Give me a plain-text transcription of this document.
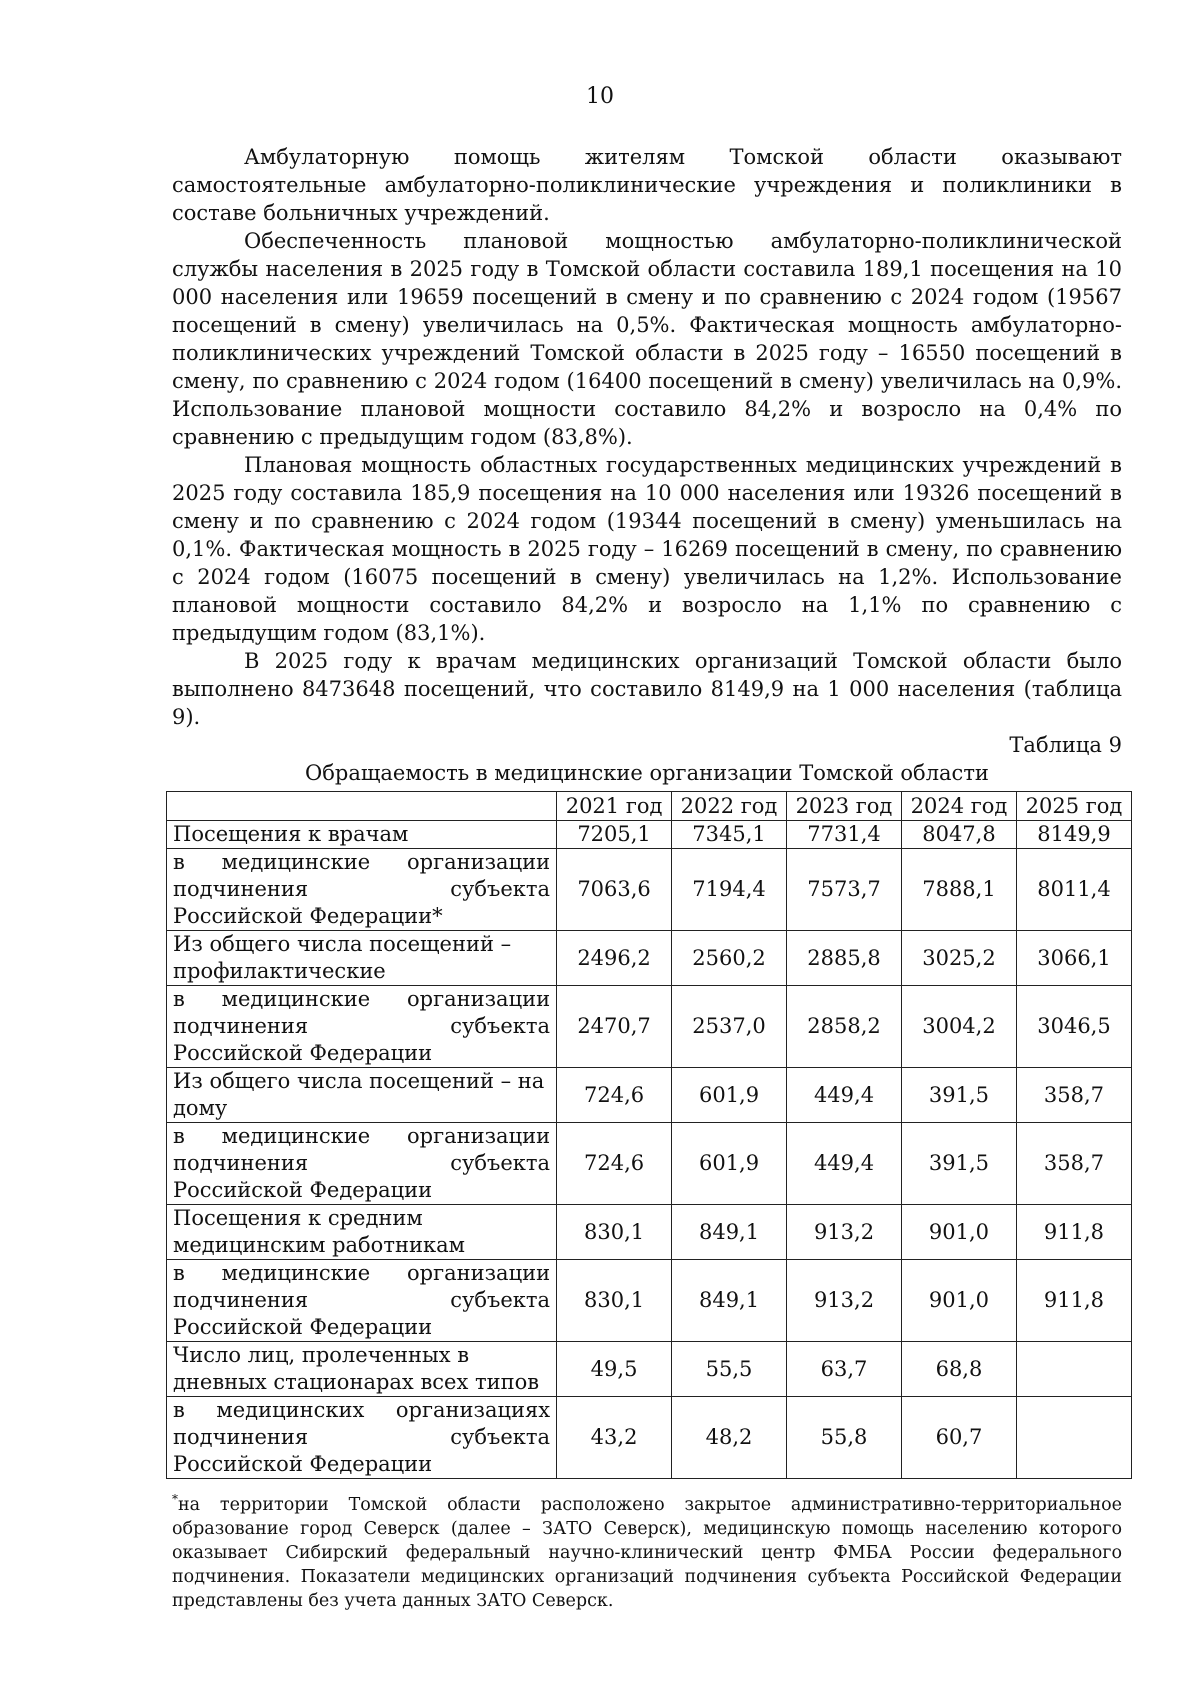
10

Амбулаторную помощь жителям Томской области оказывают самостоятельные амбулаторно-поликлинические учреждения и поликлиники в составе больничных учреждений.

Обеспеченность плановой мощностью амбулаторно-поликлинической службы населения в 2025 году в Томской области составила 189,1 посещения на 10 000 населения или 19659 посещений в смену и по сравнению с 2024 годом (19567 посещений в смену) увеличилась на 0,5%. Фактическая мощность амбулаторно-поликлинических учреждений Томской области в 2025 году – 16550 посещений в смену, по сравнению с 2024 годом (16400 посещений в смену) увеличилась на 0,9%. Использование плановой мощности составило 84,2% и возросло на 0,4% по сравнению с предыдущим годом (83,8%).

Плановая мощность областных государственных медицинских учреждений в 2025 году составила 185,9 посещения на 10 000 населения или 19326 посещений в смену и по сравнению с 2024 годом (19344 посещений в смену) уменьшилась на 0,1%. Фактическая мощность в 2025 году – 16269 посещений в смену, по сравнению с 2024 годом (16075 посещений в смену) увеличилась на 1,2%. Использование плановой мощности составило 84,2% и возросло на 1,1% по сравнению с предыдущим годом (83,1%).

В 2025 году к врачам медицинских организаций Томской области было выполнено 8473648 посещений, что составило 8149,9 на 1 000 населения (таблица 9).

Таблица 9

Обращаемость в медицинские организации Томской области

	2021 год	2022 год	2023 год	2024 год	2025 год
Посещения к врачам	7205,1	7345,1	7731,4	8047,8	8149,9
в медицинские организации подчинения субъекта Российской Федерации*	7063,6	7194,4	7573,7	7888,1	8011,4
Из общего числа посещений – профилактические	2496,2	2560,2	2885,8	3025,2	3066,1
в медицинские организации подчинения субъекта Российской Федерации	2470,7	2537,0	2858,2	3004,2	3046,5
Из общего числа посещений – на дому	724,6	601,9	449,4	391,5	358,7
в медицинские организации подчинения субъекта Российской Федерации	724,6	601,9	449,4	391,5	358,7
Посещения к средним медицинским работникам	830,1	849,1	913,2	901,0	911,8
в медицинские организации подчинения субъекта Российской Федерации	830,1	849,1	913,2	901,0	911,8
Число лиц, пролеченных в дневных стационарах всех типов	49,5	55,5	63,7	68,8	
в медицинских организациях подчинения субъекта Российской Федерации	43,2	48,2	55,8	60,7	
*на территории Томской области расположено закрытое административно-территориальное образование город Северск (далее – ЗАТО Северск), медицинскую помощь населению которого оказывает Сибирский федеральный научно-клинический центр ФМБА России федерального подчинения. Показатели медицинских организаций подчинения субъекта Российской Федерации представлены без учета данных ЗАТО Северск.
